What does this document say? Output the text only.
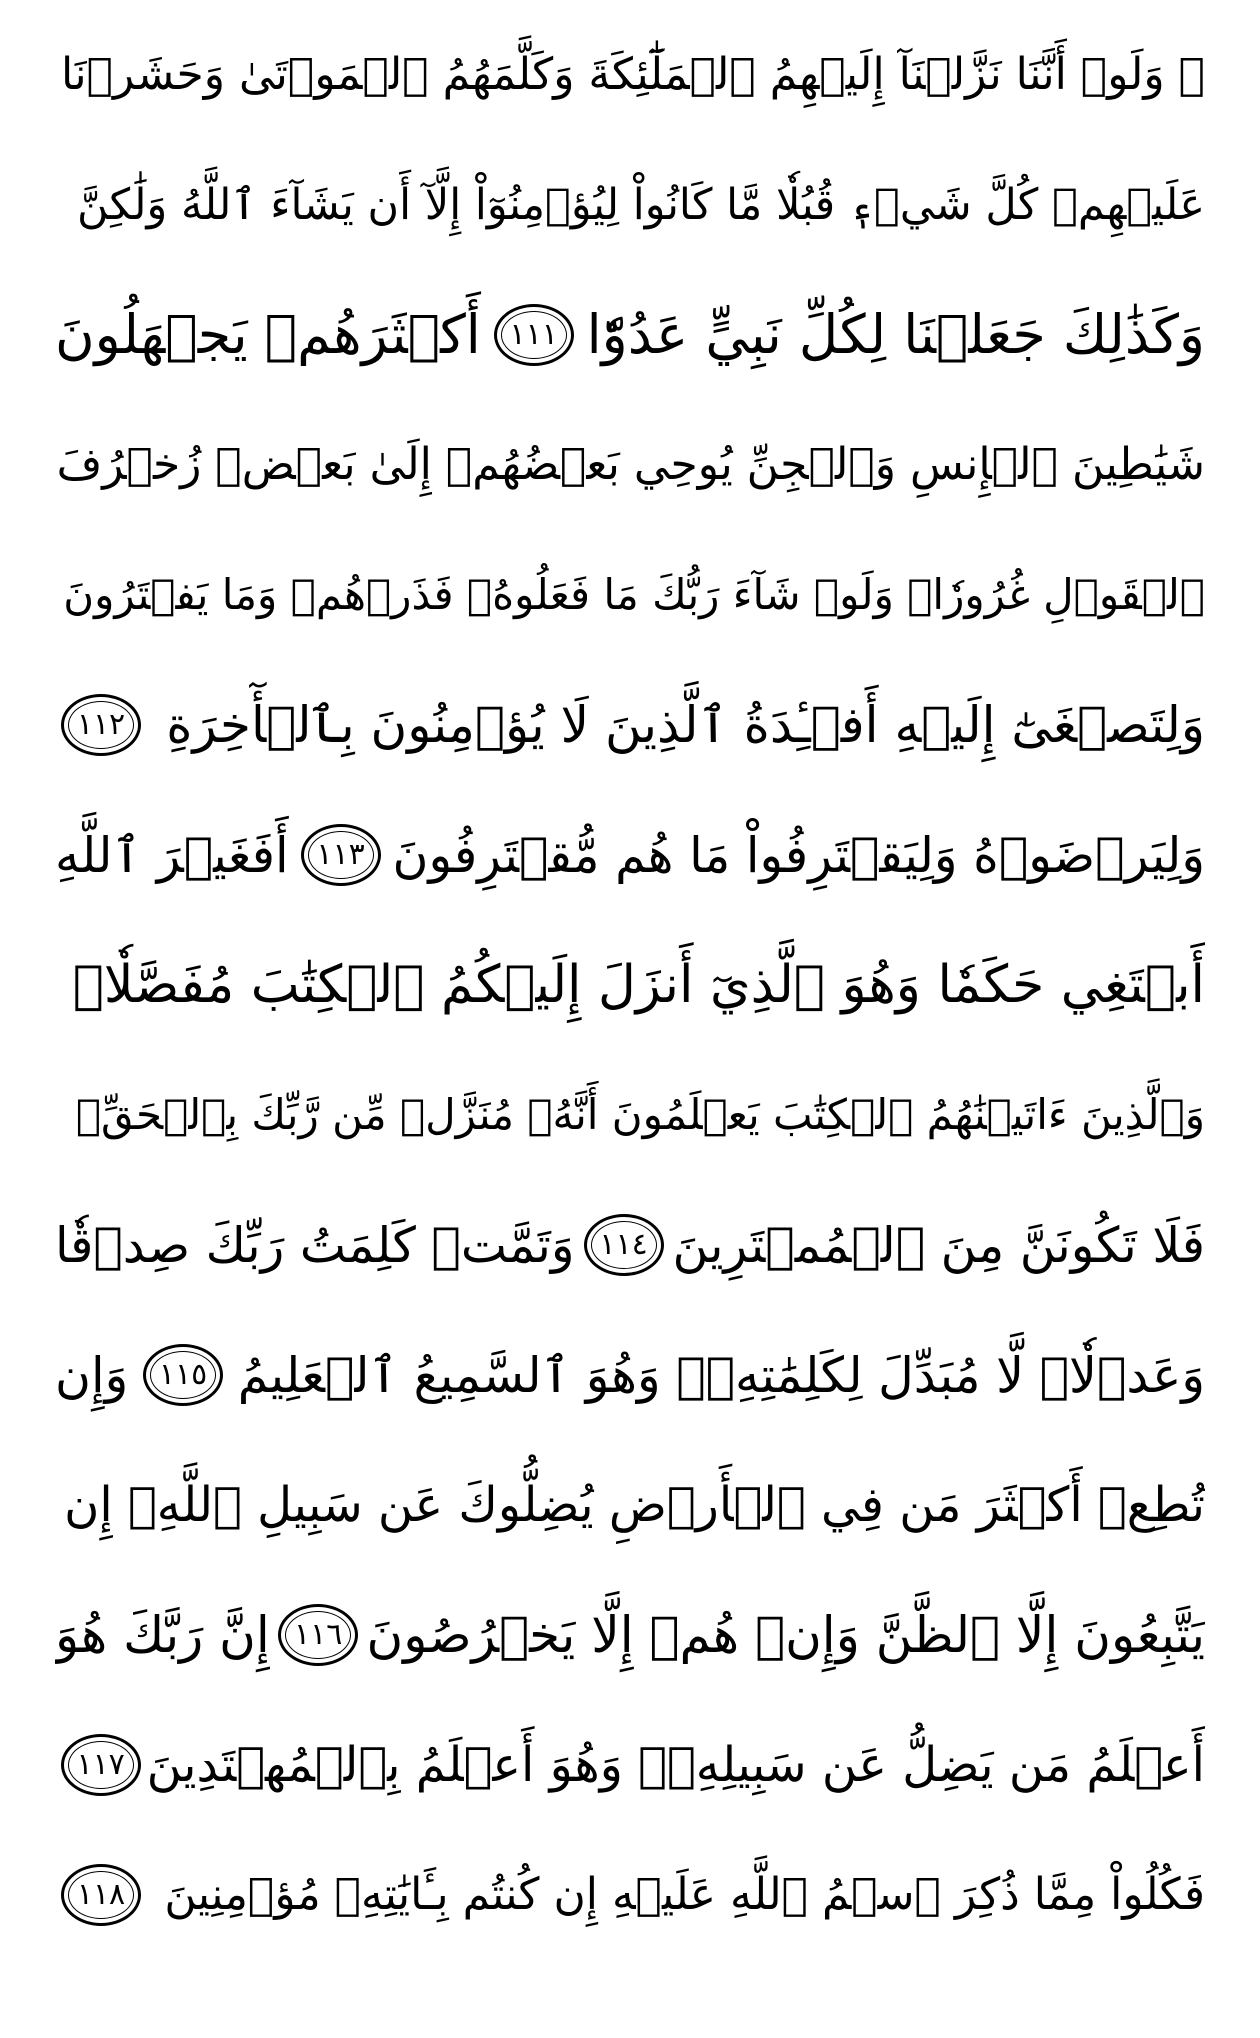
۞ وَلَوۡ أَنَّنَا نَزَّلۡنَآ إِلَيۡهِمُ ٱلۡمَلَٰٓئِكَةَ وَكَلَّمَهُمُ ٱلۡمَوۡتَىٰ وَحَشَرۡنَا
عَلَيۡهِمۡ كُلَّ شَيۡءٖ قُبُلٗا مَّا كَانُواْ لِيُؤۡمِنُوٓاْ إِلَّآ أَن يَشَآءَ ٱللَّهُ وَلَٰكِنَّ
وَكَذَٰلِكَ جَعَلۡنَا لِكُلِّ نَبِيٍّ عَدُوّٗا
١١١
أَكۡثَرَهُمۡ يَجۡهَلُونَ
شَيَٰطِينَ ٱلۡإِنسِ وَٱلۡجِنِّ يُوحِي بَعۡضُهُمۡ إِلَىٰ بَعۡضٖ زُخۡرُفَ
ٱلۡقَوۡلِ غُرُورٗاۚ وَلَوۡ شَآءَ رَبُّكَ مَا فَعَلُوهُۖ فَذَرۡهُمۡ وَمَا يَفۡتَرُونَ
وَلِتَصۡغَىٰٓ إِلَيۡهِ أَفۡـِٔدَةُ ٱلَّذِينَ لَا يُؤۡمِنُونَ بِٱلۡأٓخِرَةِ
١١٢
وَلِيَرۡضَوۡهُ وَلِيَقۡتَرِفُواْ مَا هُم مُّقۡتَرِفُونَ
١١٣
أَفَغَيۡرَ ٱللَّهِ
أَبۡتَغِي حَكَمٗا وَهُوَ ٱلَّذِيٓ أَنزَلَ إِلَيۡكُمُ ٱلۡكِتَٰبَ مُفَصَّلٗاۚ
وَٱلَّذِينَ ءَاتَيۡنَٰهُمُ ٱلۡكِتَٰبَ يَعۡلَمُونَ أَنَّهُۥ مُنَزَّلٞ مِّن رَّبِّكَ بِٱلۡحَقِّۖ
فَلَا تَكُونَنَّ مِنَ ٱلۡمُمۡتَرِينَ
١١٤
وَتَمَّتۡ كَلِمَتُ رَبِّكَ صِدۡقٗا
وَعَدۡلٗاۚ لَّا مُبَدِّلَ لِكَلِمَٰتِهِۦۚ وَهُوَ ٱلسَّمِيعُ ٱلۡعَلِيمُ
١١٥
وَإِن
تُطِعۡ أَكۡثَرَ مَن فِي ٱلۡأَرۡضِ يُضِلُّوكَ عَن سَبِيلِ ٱللَّهِۚ إِن
يَتَّبِعُونَ إِلَّا ٱلظَّنَّ وَإِنۡ هُمۡ إِلَّا يَخۡرُصُونَ
١١٦
إِنَّ رَبَّكَ هُوَ
أَعۡلَمُ مَن يَضِلُّ عَن سَبِيلِهِۦۖ وَهُوَ أَعۡلَمُ بِٱلۡمُهۡتَدِينَ
١١٧
فَكُلُواْ مِمَّا ذُكِرَ ٱسۡمُ ٱللَّهِ عَلَيۡهِ إِن كُنتُم بِـَٔايَٰتِهِۦ مُؤۡمِنِينَ
١١٨
